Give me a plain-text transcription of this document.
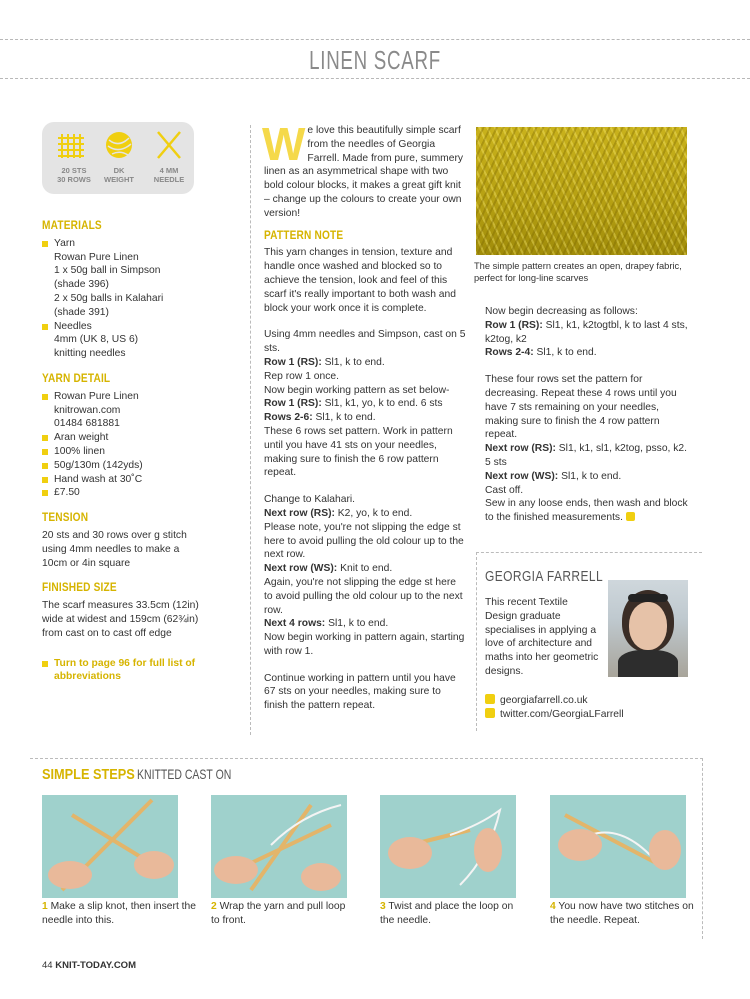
LINEN SCARF
20 STS
30 ROWS
DK
WEIGHT
4 MM
NEEDLE
MATERIALS
Yarn

Rowan Pure Linen

1 x 50g ball in Simpson

(shade 396)

2 x 50g balls in Kalahari

(shade 391)

Needles

4mm (UK 8, US 6)

knitting needles

YARN DETAIL
Rowan Pure Linen

knitrowan.com

01484 681881

Aran weight
100% linen
50g/130m (142yds)
Hand wash at 30˚C
£7.50
TENSION

20 sts and 30 rows over g stitch using 4mm needles to make a 10cm or 4in square

FINISHED SIZE

The scarf measures 33.5cm (12in) wide at widest and 159cm (62¾in) from cast on to cast off edge

Turn to page 96 for full list of abbreviations
W e love this beautifully simple scarf from the needles of Georgia Farrell. Made from pure, summery linen as an asymmetrical shape with two bold colour blocks, it makes a great gift knit – change up the colours to create your own version!

PATTERN NOTE

This yarn changes in tension, texture and handle once washed and blocked so to achieve the tension, look and feel of this scarf it's really important to both wash and block your work once it is complete.

Using 4mm needles and Simpson, cast on 5 sts.

Row 1 (RS): Sl1, k to end.

Rep row 1 once.

Now begin working pattern as set below-

Row 1 (RS): Sl1, k1, yo, k to end. 6 sts

Rows 2-6: Sl1, k to end.

These 6 rows set pattern. Work in pattern until you have 41 sts on your needles, making sure to finish the 6 row pattern repeat.

Change to Kalahari.

Next row (RS): K2, yo, k to end.

Please note, you're not slipping the edge st here to avoid pulling the old colour up to the next row.

Next row (WS): Knit to end.

Again, you're not slipping the edge st here to avoid pulling the old colour up to the next row.

Next 4 rows: Sl1, k to end.

Now begin working in pattern again, starting with row 1.

Continue working in pattern until you have 67 sts on your needles, making sure to finish the pattern repeat.

The simple pattern creates an open, drapey fabric, perfect for long-line scarves

Now begin decreasing as follows:

Row 1 (RS): Sl1, k1, k2togtbl, k to last 4 sts, k2tog, k2

Rows 2-4: Sl1, k to end.

These four rows set the pattern for decreasing. Repeat these 4 rows until you have 7 sts remaining on your needles, making sure to finish the 4 row pattern repeat.

Next row (RS): Sl1, k1, sl1, k2tog, psso, k2. 5 sts

Next row (WS): Sl1, k to end.

Cast off.

Sew in any loose ends, then wash and block to the finished measurements.

GEORGIA FARRELL
This recent Textile Design graduate specialises in applying a love of architecture and maths into her geometric designs.

georgiafarrell.co.uk

twitter.com/GeorgiaLFarrell

SIMPLE STEPS KNITTED CAST ON
1 Make a slip knot, then insert the needle into this.
2 Wrap the yarn and pull loop to front.
3 Twist and place the loop on the needle.
4 You now have two stitches on the needle. Repeat.
44 KNIT-TODAY.COM
